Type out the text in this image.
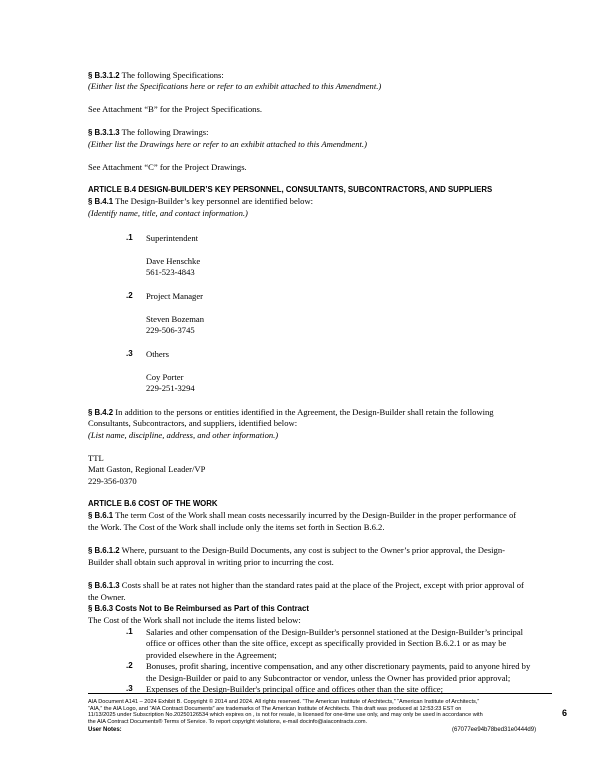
§ B.3.1.2 The following Specifications:
(Either list the Specifications here or refer to an exhibit attached to this Amendment.)
See Attachment “B” for the Project Specifications.
§ B.3.1.3 The following Drawings:
(Either list the Drawings here or refer to an exhibit attached to this Amendment.)
See Attachment “C” for the Project Drawings.
ARTICLE B.4 DESIGN-BUILDER’S KEY PERSONNEL, CONSULTANTS, SUBCONTRACTORS, AND SUPPLIERS
§ B.4.1 The Design-Builder’s key personnel are identified below:
(Identify name, title, and contact information.)
.1 Superintendent
Dave Henschke
561-523-4843
.2 Project Manager
Steven Bozeman
229-506-3745
.3 Others
Coy Porter
229-251-3294
§ B.4.2 In addition to the persons or entities identified in the Agreement, the Design-Builder shall retain the following
Consultants, Subcontractors, and suppliers, identified below:
(List name, discipline, address, and other information.)
TTL
Matt Gaston, Regional Leader/VP
229-356-0370
ARTICLE B.6 COST OF THE WORK
§ B.6.1 The term Cost of the Work shall mean costs necessarily incurred by the Design-Builder in the proper performance of
the Work. The Cost of the Work shall include only the items set forth in Section B.6.2.
§ B.6.1.2 Where, pursuant to the Design-Build Documents, any cost is subject to the Owner’s prior approval, the Design-
Builder shall obtain such approval in writing prior to incurring the cost.
§ B.6.1.3 Costs shall be at rates not higher than the standard rates paid at the place of the Project, except with prior approval of
the Owner.
§ B.6.3 Costs Not to Be Reimbursed as Part of this Contract
The Cost of the Work shall not include the items listed below:
.1 Salaries and other compensation of the Design-Builder's personnel stationed at the Design-Builder’s principal
office or offices other than the site office, except as specifically provided in Section B.6.2.1 or as may be
provided elsewhere in the Agreement;
.2 Bonuses, profit sharing, incentive compensation, and any other discretionary payments, paid to anyone hired by
the Design-Builder or paid to any Subcontractor or vendor, unless the Owner has provided prior approval;
.3 Expenses of the Design-Builder's principal office and offices other than the site office;
AIA Document A141 – 2024 Exhibit B. Copyright © 2014 and 2024. All rights reserved. “The American Institute of Architects,” “American Institute of Architects,”
“AIA,” the AIA Logo, and “AIA Contract Documents” are trademarks of The American Institute of Architects. This draft was produced at 12:53:23 EST on
11/13/2025 under Subscription No.20250126534 which expires on , is not for resale, is licensed for one-time use only, and may only be used in accordance with
the AIA Contract Documents® Terms of Service. To report copyright violations, e-mail docinfo@aiacontracts.com.
6
User Notes:	(67077ee94b78bed31e0444d9)
